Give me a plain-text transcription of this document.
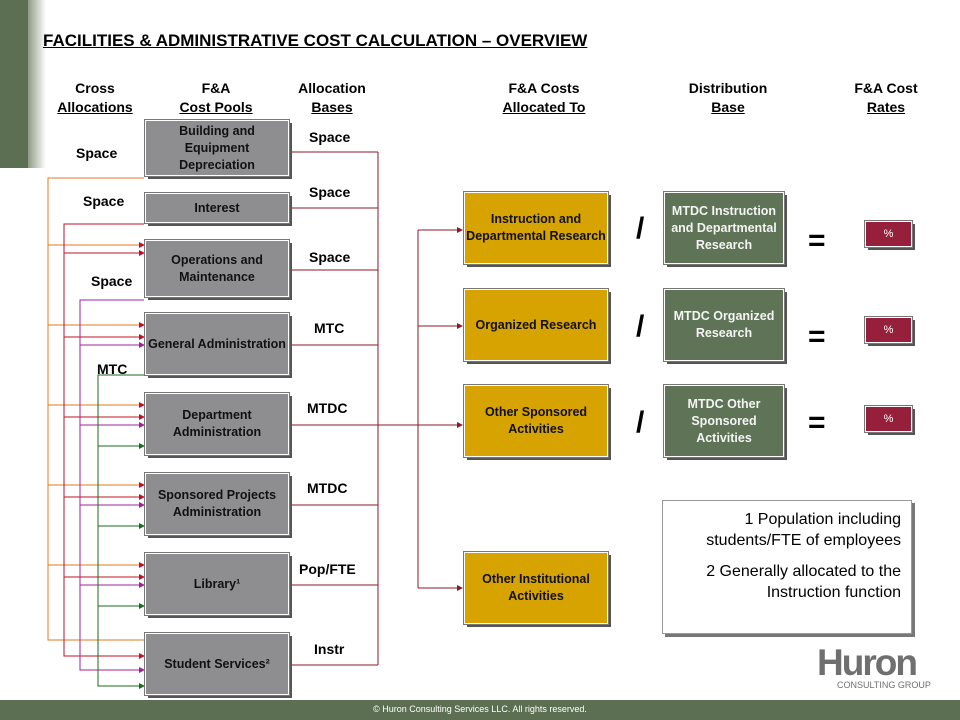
FACILITIES & ADMINISTRATIVE COST CALCULATION – OVERVIEW
Cross
Allocations
F&A
Cost Pools
Allocation
Bases
F&A Costs
Allocated To
Distribution
Base
F&A Cost
Rates
Building and Equipment Depreciation
Interest
Operations and Maintenance
General Administration
Department Administration
Sponsored Projects Administration
Library¹
Student Services²
Space
Space
Space
MTC
MTDC
MTDC
Pop/FTE
Instr
Space
Space
Space
MTC
Instruction and Departmental Research
Organized Research
Other Sponsored Activities
Other Institutional Activities
/
/
/
MTDC Instruction and Departmental Research
MTDC Organized Research
MTDC Other Sponsored Activities
=
=
=
%
%
%

1 Population including students/FTE of employees

2 Generally allocated to the Instruction function

Huron
CONSULTING GROUP
© Huron Consulting Services LLC. All rights reserved.
